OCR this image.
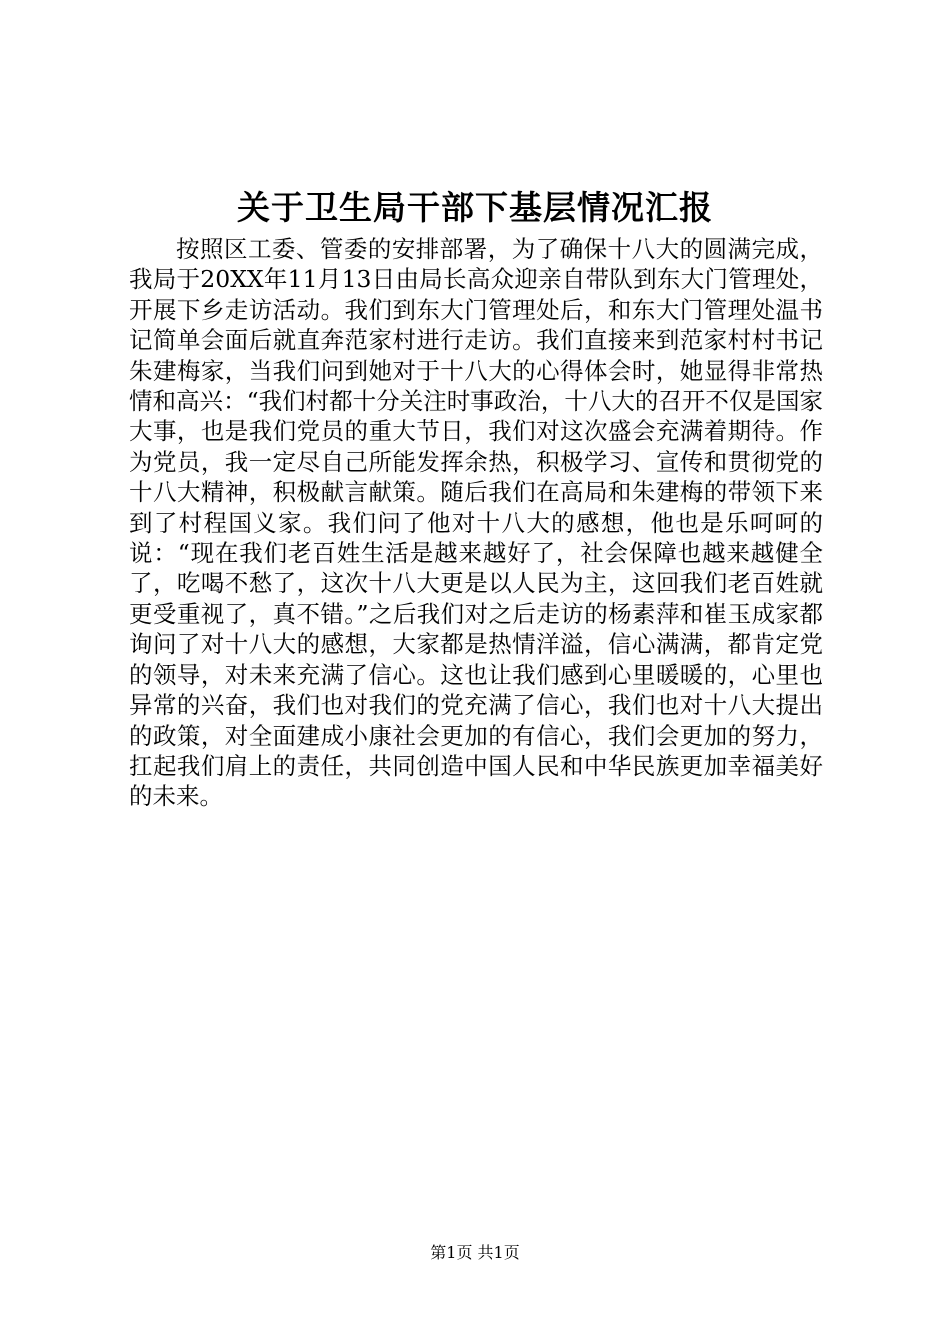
关于卫生局干部下基层情况汇报

按照区工委、管委的安排部署，为了确保十八大的圆满完成，我局于20XX年11月13日由局长高众迎亲自带队到东大门管理处，开展下乡走访活动。我们到东大门管理处后，和东大门管理处温书记简单会面后就直奔范家村进行走访。我们直接来到范家村村书记朱建梅家，当我们问到她对于十八大的心得体会时，她显得非常热情和高兴：“我们村都十分关注时事政治，十八大的召开不仅是国家大事，也是我们党员的重大节日，我们对这次盛会充满着期待。作为党员，我一定尽自己所能发挥余热，积极学习、宣传和贯彻党的十八大精神，积极献言献策。随后我们在高局和朱建梅的带领下来到了村程国义家。我们问了他对十八大的感想，他也是乐呵呵的说：“现在我们老百姓生活是越来越好了，社会保障也越来越健全了，吃喝不愁了，这次十八大更是以人民为主，这回我们老百姓就更受重视了，真不错。”之后我们对之后走访的杨素萍和崔玉成家都询问了对十八大的感想，大家都是热情洋溢，信心满满，都肯定党的领导，对未来充满了信心。这也让我们感到心里暖暖的，心里也异常的兴奋，我们也对我们的党充满了信心，我们也对十八大提出的政策，对全面建成小康社会更加的有信心，我们会更加的努力，扛起我们肩上的责任，共同创造中国人民和中华民族更加幸福美好的未来。

第1页 共1页
